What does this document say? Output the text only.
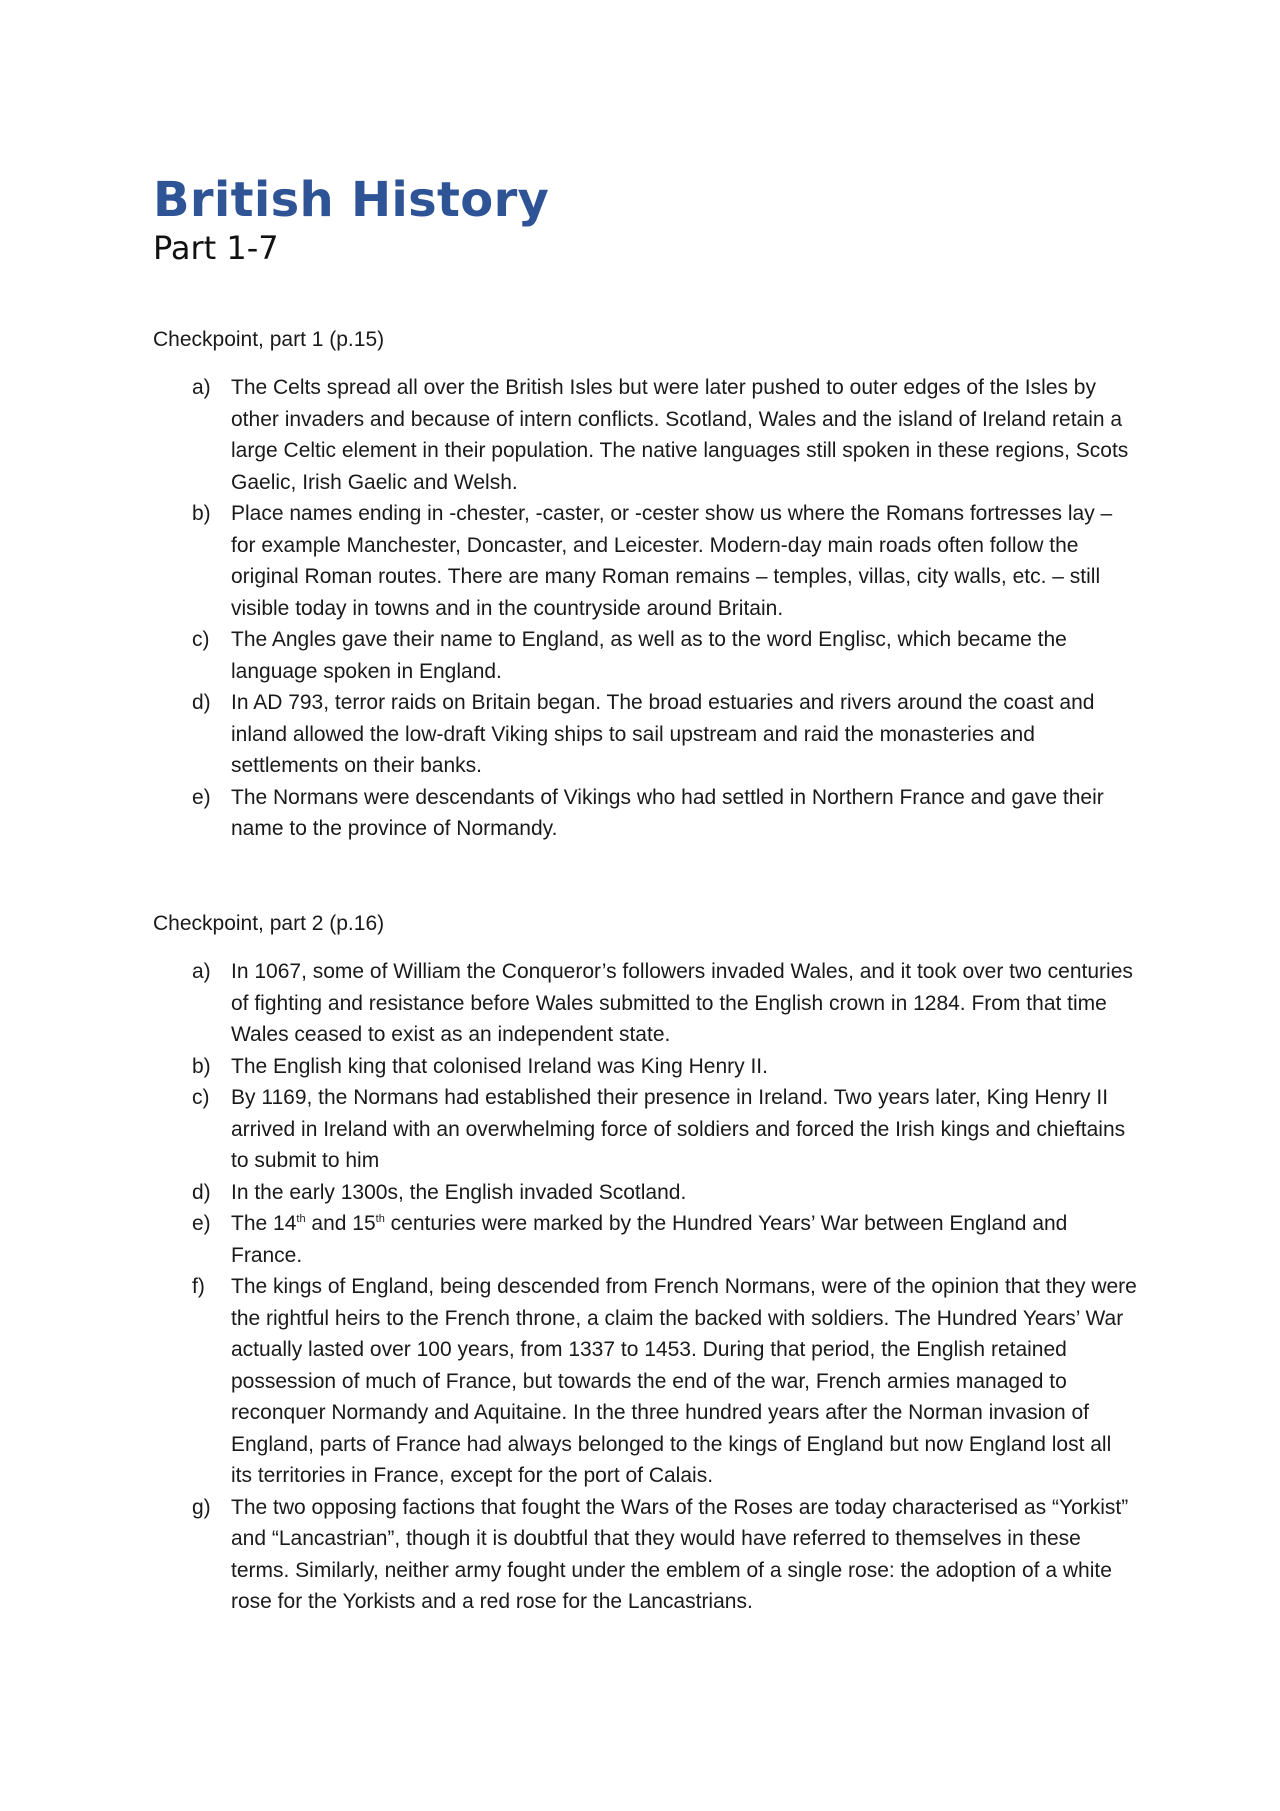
British History
Part 1-7

Checkpoint, part 1 (p.15)

a) The Celts spread all over the British Isles but were later pushed to outer edges of the Isles by other invaders and because of intern conflicts. Scotland, Wales and the island of Ireland retain a large Celtic element in their population. The native languages still spoken in these regions, Scots Gaelic, Irish Gaelic and Welsh.
b) Place names ending in -chester, -caster, or -cester show us where the Romans fortresses lay – for example Manchester, Doncaster, and Leicester. Modern-day main roads often follow the original Roman routes. There are many Roman remains – temples, villas, city walls, etc. – still visible today in towns and in the countryside around Britain.
c)	The Angles gave their name to England, as well as to the word Englisc, which became the language spoken in England.
d) In AD 793, terror raids on Britain began. The broad estuaries and rivers around the coast and inland allowed the low-draft Viking ships to sail upstream and raid the monasteries and settlements on their banks.
e) The Normans were descendants of Vikings who had settled in Northern France and gave their name to the province of Normandy.

Checkpoint, part 2 (p.16)

a) In 1067, some of William the Conqueror’s followers invaded Wales, and it took over two centuries of fighting and resistance before Wales submitted to the English crown in 1284. From that time Wales ceased to exist as an independent state.
b) The English king that colonised Ireland was King Henry II.
c)	By 1169, the Normans had established their presence in Ireland. Two years later, King Henry II arrived in Ireland with an overwhelming force of soldiers and forced the Irish kings and chieftains to submit to him
d) In the early 1300s, the English invaded Scotland.
e) The 14th and 15th centuries were marked by the Hundred Years’ War between England and France.
f)	The kings of England, being descended from French Normans, were of the opinion that they were the rightful heirs to the French throne, a claim the backed with soldiers. The Hundred Years’ War actually lasted over 100 years, from 1337 to 1453. During that period, the English retained possession of much of France, but towards the end of the war, French armies managed to reconquer Normandy and Aquitaine. In the three hundred years after the Norman invasion of England, parts of France had always belonged to the kings of England but now England lost all its territories in France, except for the port of Calais.
g) The two opposing factions that fought the Wars of the Roses are today characterised as “Yorkist” and “Lancastrian”, though it is doubtful that they would have referred to themselves in these terms. Similarly, neither army fought under the emblem of a single rose: the adoption of a white rose for the Yorkists and a red rose for the Lancastrians.
